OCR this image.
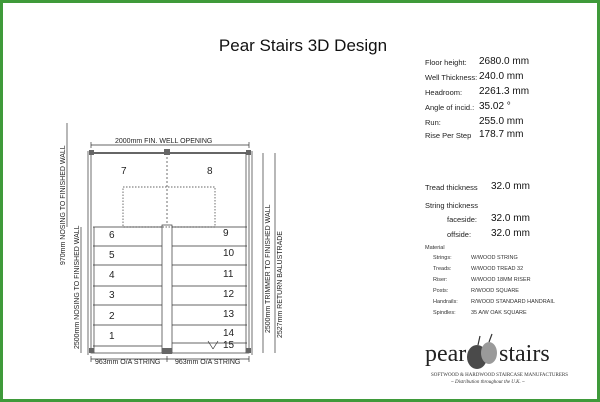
Pear Stairs 3D Design
2000mm FIN. WELL OPENING
963mm O/A STRING 963mm O/A STRING
970mm NOSING TO FINISHED WALL
2500mm NOSING TO FINISHED WALL	2500mm TRIMMER TO FINISHED WALL 2527mm RETURN BALUSTRADE
7
6
5
4
3
2
1
8
9
10
11
12
13
14
15
Floor height: 2680.0 mm
Well Thickness: 240.0 mm
Headroom: 2261.3 mm
Angle of incid.: 35.02 °
Run:	255.0 mm
Rise Per Step 178.7 mm
Tread thickness 32.0 mm
String thickness
faceside: 32.0 mm
offside: 32.0 mm
Material
Strings:	W/WOOD STRING
Treads:	W/WOOD TREAD 32
Riser:	W/WOOD 18MM RISER
Posts:	R/WOOD SQUARE
Handrails: R/WOOD STANDARD HANDRAIL
Spindles:	35 A/W OAK SQUARE
pear stairs
SOFTWOOD & HARDWOOD STAIRCASE MANUFACTURERS
~ Distribution throughout the U.K. ~
